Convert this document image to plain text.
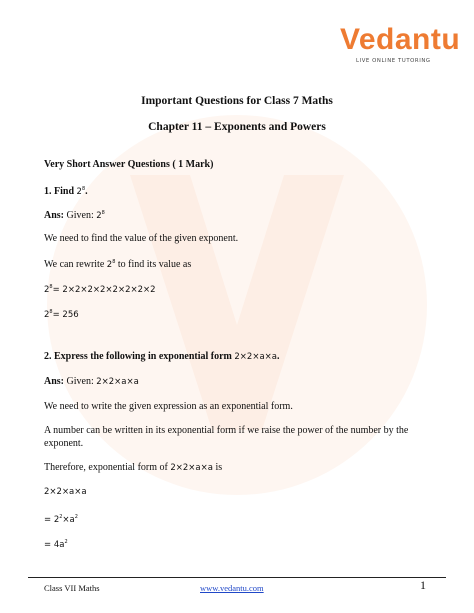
Vedantu
LIVE ONLINE TUTORING
Important Questions for Class 7 Maths
Chapter 11 – Exponents and Powers
Very Short Answer Questions ( 1 Mark)
1. Find $2^8$.
Ans: Given: $2^8$
We need to find the value of the given exponent.
We can rewrite $2^8$ to find its value as
$2^8= 2\times 2\times 2\times 2\times 2\times 2\times 2\times 2$
$2^8= 256$
2. Express the following in exponential form 2×2×a×a.
Ans: Given: 2×2×a×a
We need to write the given expression as an exponential form.
A number can be written in its exponential form if we raise the power of the number by the exponent.
Therefore, exponential form of 2×2×a×a is
2×2×a×a
= $2^2\times a^2$
= $4a^2$
Class VII Maths	www.vedantu.com	1
